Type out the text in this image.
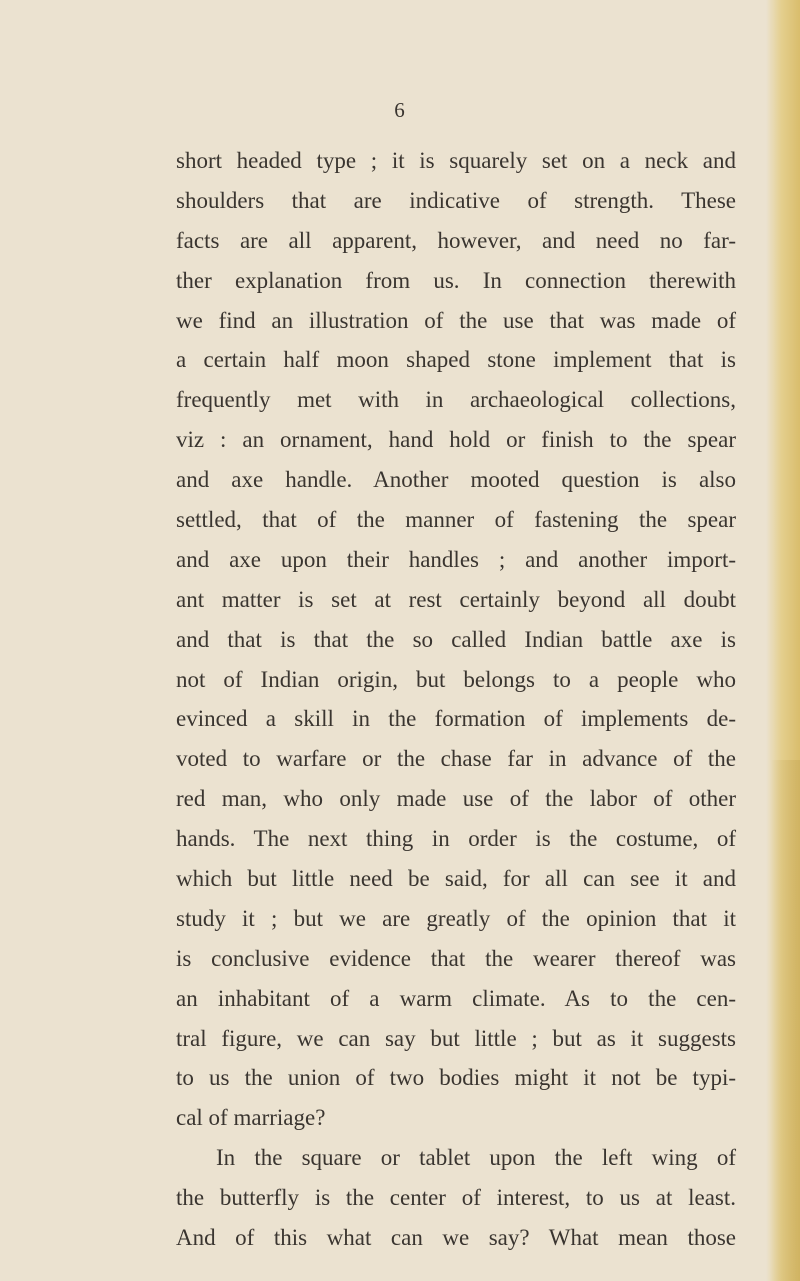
6
short headed type ; it is squarely set on a neck and
shoulders that are indicative of strength. These
facts are all apparent, however, and need no far-
ther explanation from us. In connection therewith
we find an illustration of the use that was made of
a certain half moon shaped stone implement that is
frequently met with in archaeological collections,
viz : an ornament, hand hold or finish to the spear
and axe handle. Another mooted question is also
settled, that of the manner of fastening the spear
and axe upon their handles ; and another import-
ant matter is set at rest certainly beyond all doubt
and that is that the so called Indian battle axe is
not of Indian origin, but belongs to a people who
evinced a skill in the formation of implements de-
voted to warfare or the chase far in advance of the
red man, who only made use of the labor of other
hands. The next thing in order is the costume, of
which but little need be said, for all can see it and
study it ; but we are greatly of the opinion that it
is conclusive evidence that the wearer thereof was
an inhabitant of a warm climate. As to the cen-
tral figure, we can say but little ; but as it suggests
to us the union of two bodies might it not be typi-
cal of marriage?
In the square or tablet upon the left wing of
the butterfly is the center of interest, to us at least.
And of this what can we say? What mean those
